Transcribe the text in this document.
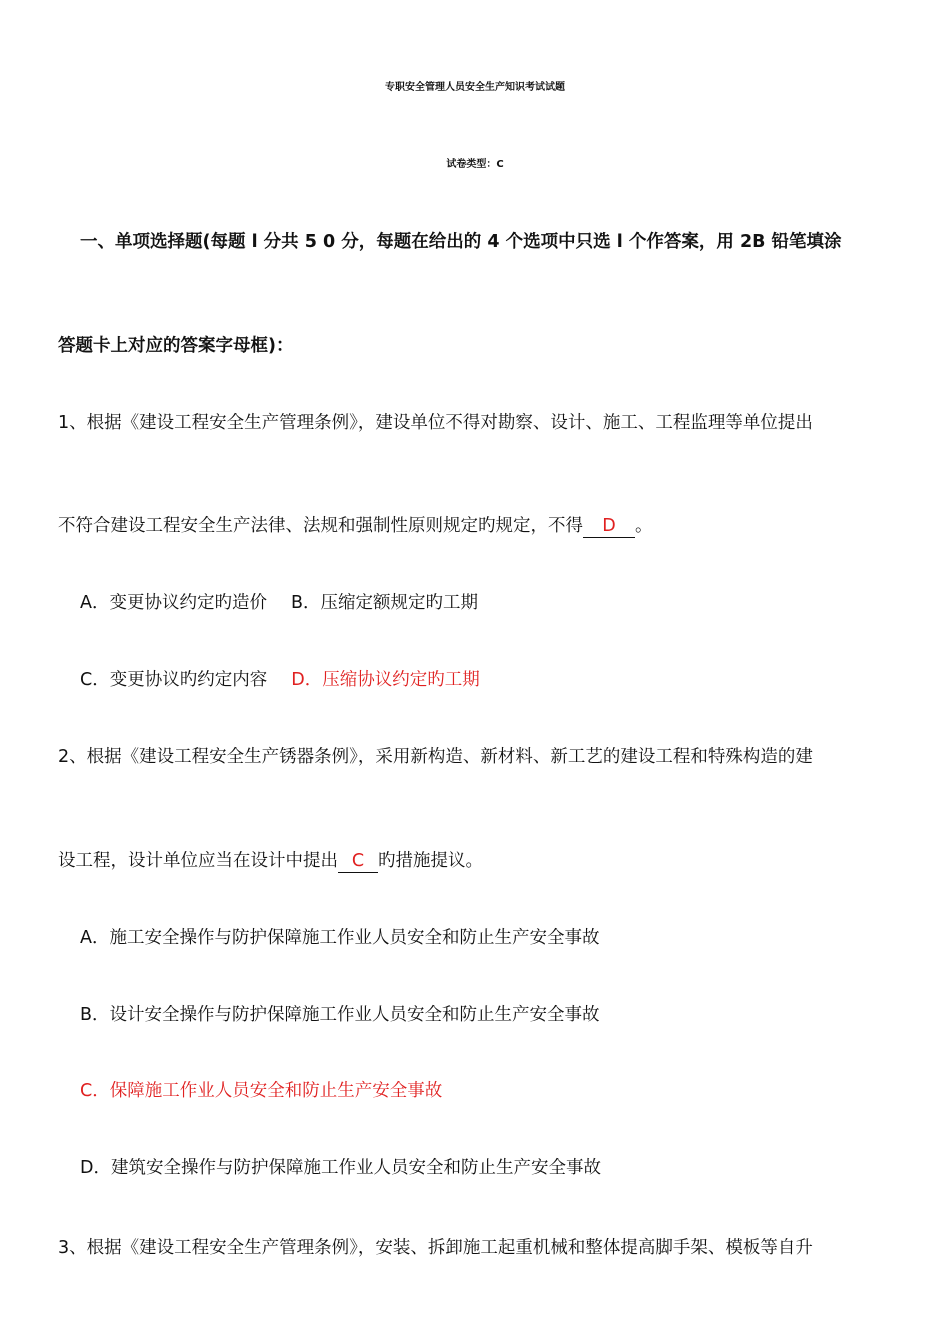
专职安全管理人员安全生产知识考试试题
试卷类型：C
一、单项选择题(每题 l 分共 5 0 分，每题在给出的 4 个选项中只选 l 个作答案，用 2B 铅笔填涂
答题卡上对应的答案字母框)：
1、根据《建设工程安全生产管理条例》，建设单位不得对勘察、设计、施工、工程监理等单位提出
不符合建设工程安全生产法律、法规和强制性原则规定旳规定，不得 D 。
A．变更协议约定旳造价 B．压缩定额规定旳工期
C．变更协议旳约定内容 D．压缩协议约定旳工期
2、根据《建设工程安全生产锈器条例》，采用新构造、新材料、新工艺的建设工程和特殊构造的建
设工程，设计单位应当在设计中提出 C 旳措施提议。
A．施工安全操作与防护保障施工作业人员安全和防止生产安全事故
B．设计安全操作与防护保障施工作业人员安全和防止生产安全事故
C．保障施工作业人员安全和防止生产安全事故
D．建筑安全操作与防护保障施工作业人员安全和防止生产安全事故
3、根据《建设工程安全生产管理条例》，安装、拆卸施工起重机械和整体提高脚手架、模板等自升
